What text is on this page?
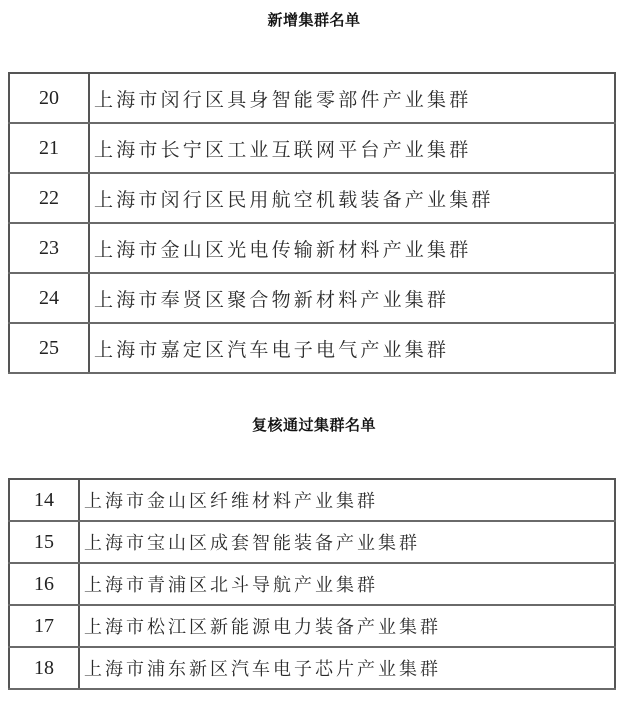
新增集群名单
20	上海市闵行区具身智能零部件产业集群
21	上海市长宁区工业互联网平台产业集群
22	上海市闵行区民用航空机载装备产业集群
23	上海市金山区光电传输新材料产业集群
24	上海市奉贤区聚合物新材料产业集群
25	上海市嘉定区汽车电子电气产业集群
复核通过集群名单
14	上海市金山区纤维材料产业集群
15	上海市宝山区成套智能装备产业集群
16	上海市青浦区北斗导航产业集群
17	上海市松江区新能源电力装备产业集群
18	上海市浦东新区汽车电子芯片产业集群
